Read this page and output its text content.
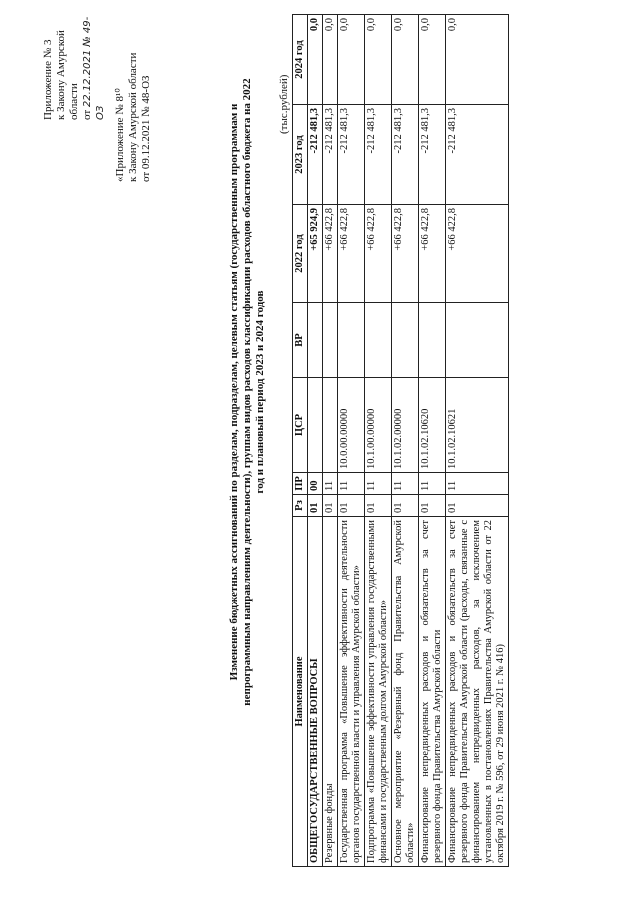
Приложение № 3 к Закону Амурской области от 22.12.2021 № 49-ОЗ «Приложение № 8¹⁰ к Закону Амурской области от 09.12.2021 № 48-ОЗ	Изменение бюджетных ассигнований по разделам, подразделам, целевым статьям (государственным программам и непрограммным направлениям деятельности), группам видов расходов классификации расходов областного бюджета на 2022 год и плановый период 2023 и 2024 годов
(тыс.рублей)
Наименование	Рз	ПР	ЦСР	ВР	2022 год	2023 год	2024 год
ОБЩЕГОСУДАРСТВЕННЫЕ ВОПРОСЫ	01	00			+65 924,9	-212 481,3	0,0
Резервные фонды	01	11			+66 422,8	-212 481,3	0,0
Государственная программа «Повышение эффективности деятельности органов государственной власти и управления Амурской области»	01	11	10.0.00.00000		+66 422,8	-212 481,3	0,0
Подпрограмма «Повышение эффективности управления государственными финансами и государственным долгом Амурской области»	01	11	10.1.00.00000		+66 422,8	-212 481,3	0,0
Основное мероприятие «Резервный фонд Правительства Амурской области»	01	11	10.1.02.00000		+66 422,8	-212 481,3	0,0
Финансирование непредвиденных расходов и обязательств за счет резервного фонда Правительства Амурской области	01	11	10.1.02.10620		+66 422,8	-212 481,3	0,0
Финансирование непредвиденных расходов и обязательств за счет резервного фонда Правительства Амурской области (расходы, связанные с финансированием непредвиденных расходов, за исключением установленных в постановлениях Правительства Амурской области от 22 октября 2019 г. № 596, от 29 июня 2021 г. № 416)	01	11	10.1.02.10621		+66 422,8	-212 481,3	0,0
